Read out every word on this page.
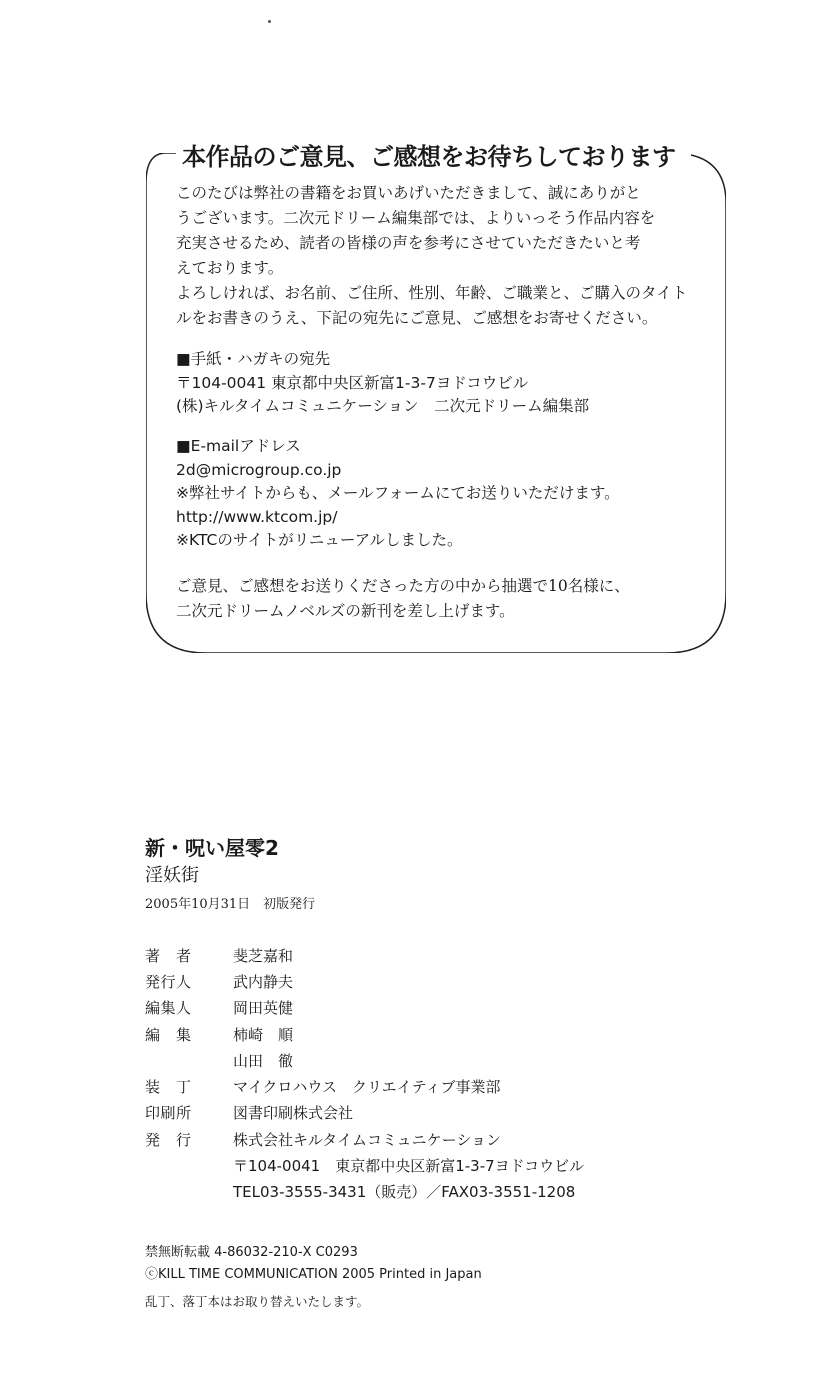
本作品のご意見、ご感想をお待ちしております

このたびは弊社の書籍をお買いあげいただきまして、誠にありがと

うございます。二次元ドリーム編集部では、よりいっそう作品内容を

充実させるため、読者の皆様の声を参考にさせていただきたいと考

えております。

よろしければ、お名前、ご住所、性別、年齢、ご職業と、ご購入のタイト

ルをお書きのうえ、下記の宛先にご意見、ご感想をお寄せください。

■手紙・ハガキの宛先
〒104-0041 東京都中央区新富1-3-7ヨドコウビル
(株)キルタイムコミュニケーション　二次元ドリーム編集部
■E-mailアドレス
2d@microgroup.co.jp
※弊社サイトからも、メールフォームにてお送りいただけます。
http://www.ktcom.jp/
※KTCのサイトがリニューアルしました。

ご意見、ご感想をお送りくださった方の中から抽選で10名様に、

二次元ドリームノベルズの新刊を差し上げます。

新・呪い屋零2
淫妖街
2005年10月31日　初版発行
著　者	斐芝嘉和
発行人	武内静夫
編集人	岡田英健
編　集	柿崎　順
山田　徹
装　丁	マイクロハウス　クリエイティブ事業部
印刷所	図書印刷株式会社
発　行	株式会社キルタイムコミュニケーション
〒104-0041　東京都中央区新富1-3-7ヨドコウビル
TEL03-3555-3431（販売）／FAX03-3551-1208
禁無断転載 4-86032-210-X C0293
ⓒKILL TIME COMMUNICATION 2005 Printed in Japan
乱丁、落丁本はお取り替えいたします。
